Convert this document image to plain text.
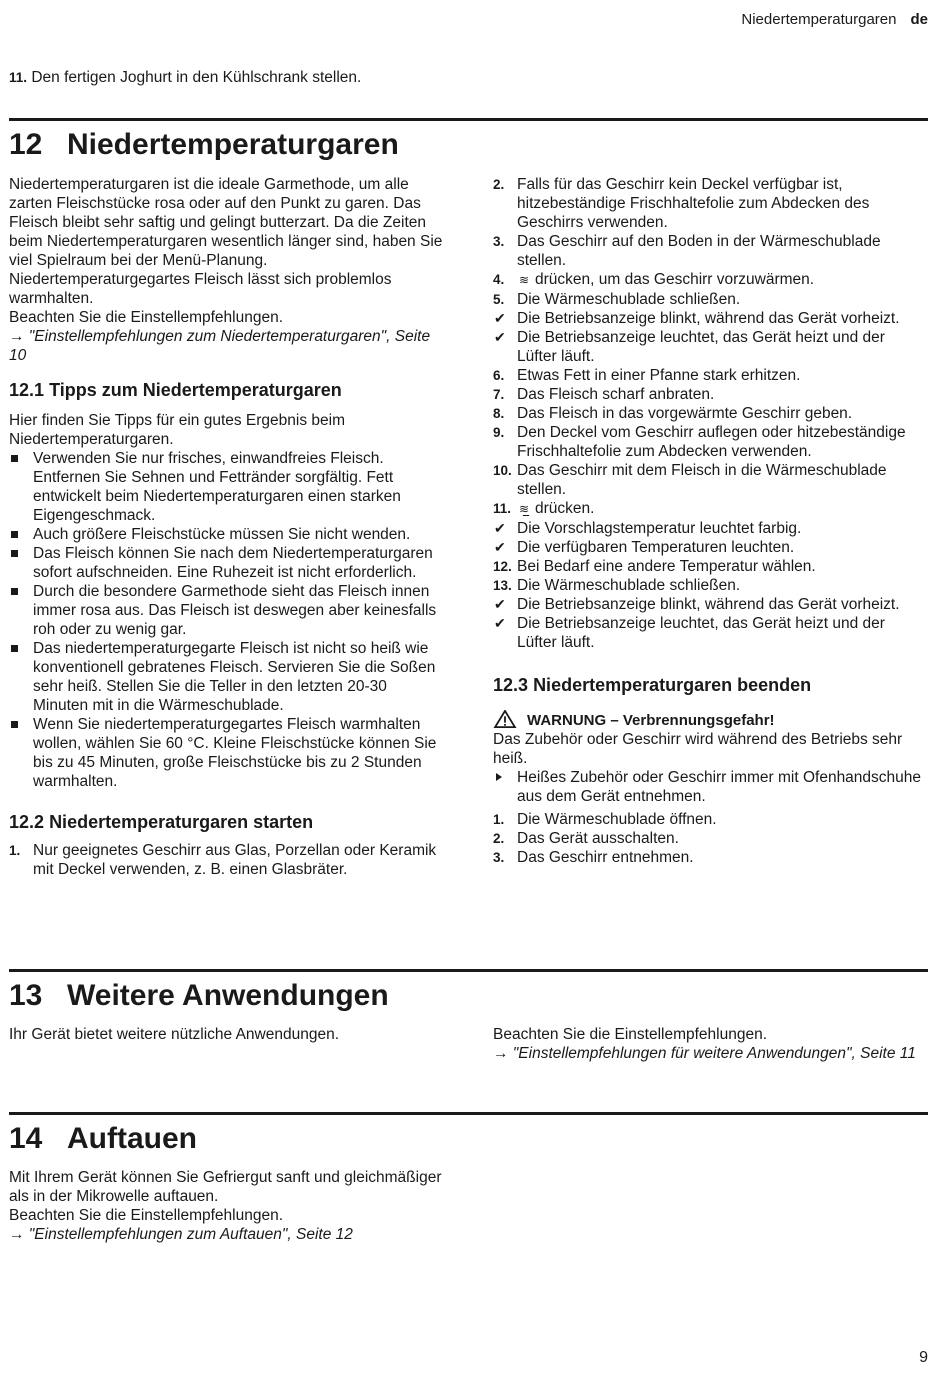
Niedertemperaturgaren de
11. Den fertigen Joghurt in den Kühlschrank stellen.
12 Niedertemperaturgaren

Niedertemperaturgaren ist die ideale Garmethode, um alle zarten Fleischstücke rosa oder auf den Punkt zu garen. Das Fleisch bleibt sehr saftig und gelingt butterzart. Da die Zeiten beim Niedertemperaturgaren wesentlich länger sind, haben Sie viel Spielraum bei der Menü-Planung. Niedertemperaturgegartes Fleisch lässt sich problemlos warmhalten.

Beachten Sie die Einstellempfehlungen.

→ "Einstellempfehlungen zum Niedertemperaturgaren", Seite 10

12.1 Tipps zum Niedertemperaturgaren

Hier finden Sie Tipps für ein gutes Ergebnis beim Niedertemperaturgaren.

Verwenden Sie nur frisches, einwandfreies Fleisch. Entfernen Sie Sehnen und Fettränder sorgfältig. Fett entwickelt beim Niedertemperaturgaren einen starken Eigengeschmack.
Auch größere Fleischstücke müssen Sie nicht wenden.
Das Fleisch können Sie nach dem Niedertemperaturgaren sofort aufschneiden. Eine Ruhezeit ist nicht erforderlich.
Durch die besondere Garmethode sieht das Fleisch innen immer rosa aus. Das Fleisch ist deswegen aber keinesfalls roh oder zu wenig gar.
Das niedertemperaturgegarte Fleisch ist nicht so heiß wie konventionell gebratenes Fleisch. Servieren Sie die Soßen sehr heiß. Stellen Sie die Teller in den letzten 20-30 Minuten mit in die Wärmeschublade.
Wenn Sie niedertemperaturgegartes Fleisch warmhalten wollen, wählen Sie 60 °C. Kleine Fleischstücke können Sie bis zu 45 Minuten, große Fleischstücke bis zu 2 Stunden warmhalten.
12.2 Niedertemperaturgaren starten
1. Nur geeignetes Geschirr aus Glas, Porzellan oder Keramik mit Deckel verwenden, z. B. einen Glasbräter.
2. Falls für das Geschirr kein Deckel verfügbar ist, hitzebeständige Frischhaltefolie zum Abdecken des Geschirrs verwenden.
3. Das Geschirr auf den Boden in der Wärmeschublade stellen.
4. ≋ drücken, um das Geschirr vorzuwärmen.
5. Die Wärmeschublade schließen.
✔ Die Betriebsanzeige blinkt, während das Gerät vorheizt.
✔ Die Betriebsanzeige leuchtet, das Gerät heizt und der Lüfter läuft.
6. Etwas Fett in einer Pfanne stark erhitzen.
7. Das Fleisch scharf anbraten.
8. Das Fleisch in das vorgewärmte Geschirr geben.
9. Den Deckel vom Geschirr auflegen oder hitzebeständige Frischhaltefolie zum Abdecken verwenden.
10. Das Geschirr mit dem Fleisch in die Wärmeschublade stellen.
11. ≋̲ drücken.
✔ Die Vorschlagstemperatur leuchtet farbig.
✔ Die verfügbaren Temperaturen leuchten.
12. Bei Bedarf eine andere Temperatur wählen.
13. Die Wärmeschublade schließen.
✔ Die Betriebsanzeige blinkt, während das Gerät vorheizt.
✔ Die Betriebsanzeige leuchtet, das Gerät heizt und der Lüfter läuft.
12.3 Niedertemperaturgaren beenden
WARNUNG – Verbrennungsgefahr!

Das Zubehör oder Geschirr wird während des Betriebs sehr heiß.

Heißes Zubehör oder Geschirr immer mit Ofenhandschuhe aus dem Gerät entnehmen.
1. Die Wärmeschublade öffnen.
2. Das Gerät ausschalten.
3. Das Geschirr entnehmen.
13 Weitere Anwendungen

Ihr Gerät bietet weitere nützliche Anwendungen.	Beachten Sie die Einstellempfehlungen.

→ "Einstellempfehlungen für weitere Anwendungen", Seite 11

14 Auftauen

Mit Ihrem Gerät können Sie Gefriergut sanft und gleichmäßiger als in der Mikrowelle auftauen.

Beachten Sie die Einstellempfehlungen.

→ "Einstellempfehlungen zum Auftauen", Seite 12

9
